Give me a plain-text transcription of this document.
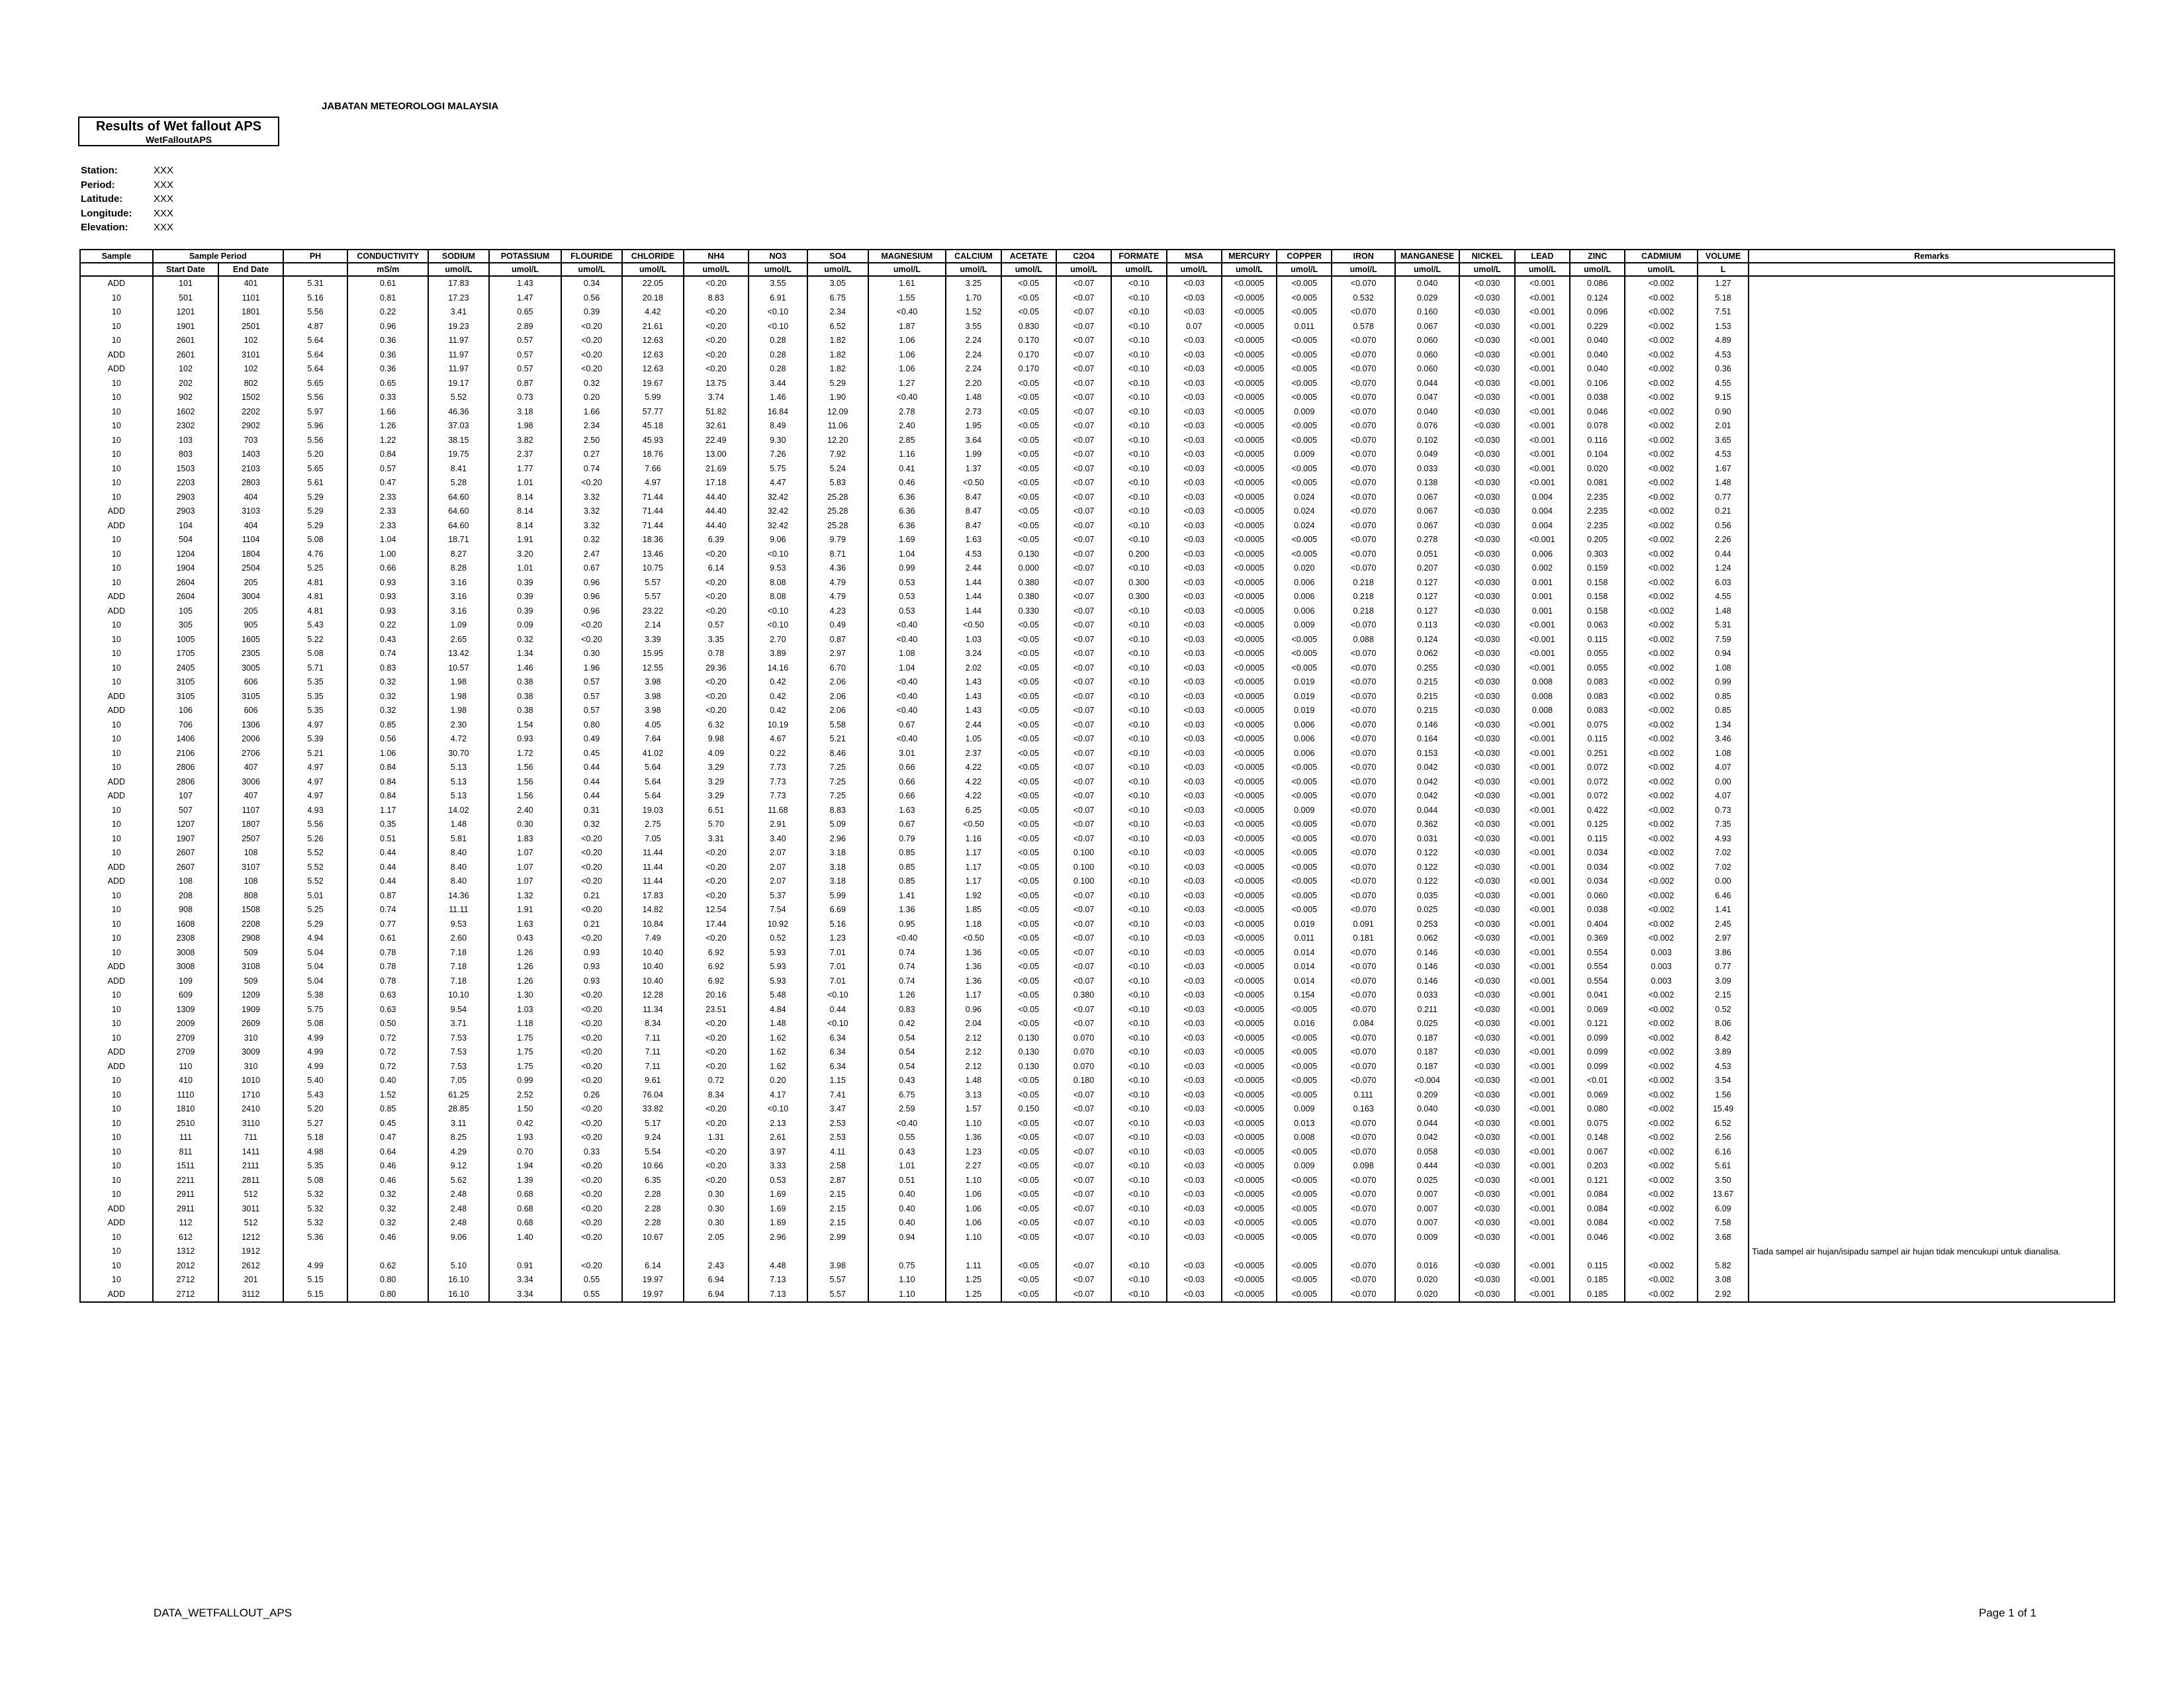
JABATAN METEOROLOGI MALAYSIA
Results of Wet fallout APS
WetFalloutAPS
Station:	XXX
Period:	XXX
Latitude:	XXX
Longitude: XXX
Elevation:	XXX
Sample	Sample Period		PH	CONDUCTIVITY	SODIUM	POTASSIUM	FLOURIDE	CHLORIDE	NH4	NO3	SO4	MAGNESIUM	CALCIUM	ACETATE	C2O4	FORMATE	MSA	MERCURY	COPPER	IRON	MANGANESE	NICKEL	LEAD	ZINC	CADMIUM	VOLUME	Remarks
	Start Date	End Date		mS/m	umol/L	umol/L	umol/L	umol/L	umol/L	umol/L	umol/L	umol/L	umol/L	umol/L	umol/L	umol/L	umol/L	umol/L	umol/L	umol/L	umol/L	umol/L	umol/L	umol/L	umol/L	L	
ADD	101	401	5.31	0.61	17.83	1.43	0.34	22.05	<0.20	3.55	3.05	1.61	3.25	<0.05	<0.07	<0.10	<0.03	<0.0005	<0.005	<0.070	0.040	<0.030	<0.001	0.086	<0.002	1.27	

10	501	1101	5.16	0.81	17.23	1.47	0.56	20.18	8.83	6.91	6.75	1.55	1.70	<0.05	<0.07	<0.10	<0.03	<0.0005	<0.005	0.532	0.029	<0.030	<0.001	0.124	<0.002	5.18	

10	1201	1801	5.56	0.22	3.41	0.65	0.39	4.42	<0.20	<0.10	2.34	<0.40	1.52	<0.05	<0.07	<0.10	<0.03	<0.0005	<0.005	<0.070	0.160	<0.030	<0.001	0.096	<0.002	7.51	

10	1901	2501	4.87	0.96	19.23	2.89	<0.20	21.61	<0.20	<0.10	6.52	1.87	3.55	0.830	<0.07	<0.10	0.07	<0.0005	0.011	0.578	0.067	<0.030	<0.001	0.229	<0.002	1.53	

10	2601	102	5.64	0.36	11.97	0.57	<0.20	12.63	<0.20	0.28	1.82	1.06	2.24	0.170	<0.07	<0.10	<0.03	<0.0005	<0.005	<0.070	0.060	<0.030	<0.001	0.040	<0.002	4.89	

ADD	2601	3101	5.64	0.36	11.97	0.57	<0.20	12.63	<0.20	0.28	1.82	1.06	2.24	0.170	<0.07	<0.10	<0.03	<0.0005	<0.005	<0.070	0.060	<0.030	<0.001	0.040	<0.002	4.53	

ADD	102	102	5.64	0.36	11.97	0.57	<0.20	12.63	<0.20	0.28	1.82	1.06	2.24	0.170	<0.07	<0.10	<0.03	<0.0005	<0.005	<0.070	0.060	<0.030	<0.001	0.040	<0.002	0.36	

10	202	802	5.65	0.65	19.17	0.87	0.32	19.67	13.75	3.44	5.29	1.27	2.20	<0.05	<0.07	<0.10	<0.03	<0.0005	<0.005	<0.070	0.044	<0.030	<0.001	0.106	<0.002	4.55	

10	902	1502	5.56	0.33	5.52	0.73	0.20	5.99	3.74	1.46	1.90	<0.40	1.48	<0.05	<0.07	<0.10	<0.03	<0.0005	<0.005	<0.070	0.047	<0.030	<0.001	0.038	<0.002	9.15	

10	1602	2202	5.97	1.66	46.36	3.18	1.66	57.77	51.82	16.84	12.09	2.78	2.73	<0.05	<0.07	<0.10	<0.03	<0.0005	0.009	<0.070	0.040	<0.030	<0.001	0.046	<0.002	0.90	

10	2302	2902	5.96	1.26	37.03	1.98	2.34	45.18	32.61	8.49	11.06	2.40	1.95	<0.05	<0.07	<0.10	<0.03	<0.0005	<0.005	<0.070	0.076	<0.030	<0.001	0.078	<0.002	2.01	

10	103	703	5.56	1.22	38.15	3.82	2.50	45.93	22.49	9.30	12.20	2.85	3.64	<0.05	<0.07	<0.10	<0.03	<0.0005	<0.005	<0.070	0.102	<0.030	<0.001	0.116	<0.002	3.65	

10	803	1403	5.20	0.84	19.75	2.37	0.27	18.76	13.00	7.26	7.92	1.16	1.99	<0.05	<0.07	<0.10	<0.03	<0.0005	0.009	<0.070	0.049	<0.030	<0.001	0.104	<0.002	4.53	

10	1503	2103	5.65	0.57	8.41	1.77	0.74	7.66	21.69	5.75	5.24	0.41	1.37	<0.05	<0.07	<0.10	<0.03	<0.0005	<0.005	<0.070	0.033	<0.030	<0.001	0.020	<0.002	1.67	

10	2203	2803	5.61	0.47	5.28	1.01	<0.20	4.97	17.18	4.47	5.83	0.46	<0.50	<0.05	<0.07	<0.10	<0.03	<0.0005	<0.005	<0.070	0.138	<0.030	<0.001	0.081	<0.002	1.48	

10	2903	404	5.29	2.33	64.60	8.14	3.32	71.44	44.40	32.42	25.28	6.36	8.47	<0.05	<0.07	<0.10	<0.03	<0.0005	0.024	<0.070	0.067	<0.030	0.004	2.235	<0.002	0.77	

ADD	2903	3103	5.29	2.33	64.60	8.14	3.32	71.44	44.40	32.42	25.28	6.36	8.47	<0.05	<0.07	<0.10	<0.03	<0.0005	0.024	<0.070	0.067	<0.030	0.004	2.235	<0.002	0.21	

ADD	104	404	5.29	2.33	64.60	8.14	3.32	71.44	44.40	32.42	25.28	6.36	8.47	<0.05	<0.07	<0.10	<0.03	<0.0005	0.024	<0.070	0.067	<0.030	0.004	2.235	<0.002	0.56	

10	504	1104	5.08	1.04	18.71	1.91	0.32	18.36	6.39	9.06	9.79	1.69	1.63	<0.05	<0.07	<0.10	<0.03	<0.0005	<0.005	<0.070	0.278	<0.030	<0.001	0.205	<0.002	2.26	

10	1204	1804	4.76	1.00	8.27	3.20	2.47	13.46	<0.20	<0.10	8.71	1.04	4.53	0.130	<0.07	0.200	<0.03	<0.0005	<0.005	<0.070	0.051	<0.030	0.006	0.303	<0.002	0.44	

10	1904	2504	5.25	0.66	8.28	1.01	0.67	10.75	6.14	9.53	4.36	0.99	2.44	0.000	<0.07	<0.10	<0.03	<0.0005	0.020	<0.070	0.207	<0.030	0.002	0.159	<0.002	1.24	

10	2604	205	4.81	0.93	3.16	0.39	0.96	5.57	<0.20	8.08	4.79	0.53	1.44	0.380	<0.07	0.300	<0.03	<0.0005	0.006	0.218	0.127	<0.030	0.001	0.158	<0.002	6.03	

ADD	2604	3004	4.81	0.93	3.16	0.39	0.96	5.57	<0.20	8.08	4.79	0.53	1.44	0.380	<0.07	0.300	<0.03	<0.0005	0.006	0.218	0.127	<0.030	0.001	0.158	<0.002	4.55	

ADD	105	205	4.81	0.93	3.16	0.39	0.96	23.22	<0.20	<0.10	4.23	0.53	1.44	0.330	<0.07	<0.10	<0.03	<0.0005	0.006	0.218	0.127	<0.030	0.001	0.158	<0.002	1.48	

10	305	905	5.43	0.22	1.09	0.09	<0.20	2.14	0.57	<0.10	0.49	<0.40	<0.50	<0.05	<0.07	<0.10	<0.03	<0.0005	0.009	<0.070	0.113	<0.030	<0.001	0.063	<0.002	5.31	

10	1005	1605	5.22	0.43	2.65	0.32	<0.20	3.39	3.35	2.70	0.87	<0.40	1.03	<0.05	<0.07	<0.10	<0.03	<0.0005	<0.005	0.088	0.124	<0.030	<0.001	0.115	<0.002	7.59	

10	1705	2305	5.08	0.74	13.42	1.34	0.30	15.95	0.78	3.89	2.97	1.08	3.24	<0.05	<0.07	<0.10	<0.03	<0.0005	<0.005	<0.070	0.062	<0.030	<0.001	0.055	<0.002	0.94	

10	2405	3005	5.71	0.83	10.57	1.46	1.96	12.55	29.36	14.16	6.70	1.04	2.02	<0.05	<0.07	<0.10	<0.03	<0.0005	<0.005	<0.070	0.255	<0.030	<0.001	0.055	<0.002	1.08	

10	3105	606	5.35	0.32	1.98	0.38	0.57	3.98	<0.20	0.42	2.06	<0.40	1.43	<0.05	<0.07	<0.10	<0.03	<0.0005	0.019	<0.070	0.215	<0.030	0.008	0.083	<0.002	0.99	

ADD	3105	3105	5.35	0.32	1.98	0.38	0.57	3.98	<0.20	0.42	2.06	<0.40	1.43	<0.05	<0.07	<0.10	<0.03	<0.0005	0.019	<0.070	0.215	<0.030	0.008	0.083	<0.002	0.85	

ADD	106	606	5.35	0.32	1.98	0.38	0.57	3.98	<0.20	0.42	2.06	<0.40	1.43	<0.05	<0.07	<0.10	<0.03	<0.0005	0.019	<0.070	0.215	<0.030	0.008	0.083	<0.002	0.85	

10	706	1306	4.97	0.85	2.30	1.54	0.80	4.05	6.32	10.19	5.58	0.67	2.44	<0.05	<0.07	<0.10	<0.03	<0.0005	0.006	<0.070	0.146	<0.030	<0.001	0.075	<0.002	1.34	

10	1406	2006	5.39	0.56	4.72	0.93	0.49	7.64	9.98	4.67	5.21	<0.40	1.05	<0.05	<0.07	<0.10	<0.03	<0.0005	0.006	<0.070	0.164	<0.030	<0.001	0.115	<0.002	3.46	

10	2106	2706	5.21	1.06	30.70	1.72	0.45	41.02	4.09	0.22	8.46	3.01	2.37	<0.05	<0.07	<0.10	<0.03	<0.0005	0.006	<0.070	0.153	<0.030	<0.001	0.251	<0.002	1.08	

10	2806	407	4.97	0.84	5.13	1.56	0.44	5.64	3.29	7.73	7.25	0.66	4.22	<0.05	<0.07	<0.10	<0.03	<0.0005	<0.005	<0.070	0.042	<0.030	<0.001	0.072	<0.002	4.07	

ADD	2806	3006	4.97	0.84	5.13	1.56	0.44	5.64	3.29	7.73	7.25	0.66	4.22	<0.05	<0.07	<0.10	<0.03	<0.0005	<0.005	<0.070	0.042	<0.030	<0.001	0.072	<0.002	0.00	

ADD	107	407	4.97	0.84	5.13	1.56	0.44	5.64	3.29	7.73	7.25	0.66	4.22	<0.05	<0.07	<0.10	<0.03	<0.0005	<0.005	<0.070	0.042	<0.030	<0.001	0.072	<0.002	4.07	

10	507	1107	4.93	1.17	14.02	2.40	0.31	19.03	6.51	11.68	8.83	1.63	6.25	<0.05	<0.07	<0.10	<0.03	<0.0005	0.009	<0.070	0.044	<0.030	<0.001	0.422	<0.002	0.73	

10	1207	1807	5.56	0.35	1.48	0.30	0.32	2.75	5.70	2.91	5.09	0.67	<0.50	<0.05	<0.07	<0.10	<0.03	<0.0005	<0.005	<0.070	0.362	<0.030	<0.001	0.125	<0.002	7.35	

10	1907	2507	5.26	0.51	5.81	1.83	<0.20	7.05	3.31	3.40	2.96	0.79	1.16	<0.05	<0.07	<0.10	<0.03	<0.0005	<0.005	<0.070	0.031	<0.030	<0.001	0.115	<0.002	4.93	

10	2607	108	5.52	0.44	8.40	1.07	<0.20	11.44	<0.20	2.07	3.18	0.85	1.17	<0.05	0.100	<0.10	<0.03	<0.0005	<0.005	<0.070	0.122	<0.030	<0.001	0.034	<0.002	7.02	

ADD	2607	3107	5.52	0.44	8.40	1.07	<0.20	11.44	<0.20	2.07	3.18	0.85	1.17	<0.05	0.100	<0.10	<0.03	<0.0005	<0.005	<0.070	0.122	<0.030	<0.001	0.034	<0.002	7.02	

ADD	108	108	5.52	0.44	8.40	1.07	<0.20	11.44	<0.20	2.07	3.18	0.85	1.17	<0.05	0.100	<0.10	<0.03	<0.0005	<0.005	<0.070	0.122	<0.030	<0.001	0.034	<0.002	0.00	

10	208	808	5.01	0.87	14.36	1.32	0.21	17.83	<0.20	5.37	5.99	1.41	1.92	<0.05	<0.07	<0.10	<0.03	<0.0005	<0.005	<0.070	0.035	<0.030	<0.001	0.060	<0.002	6.46	

10	908	1508	5.25	0.74	11.11	1.91	<0.20	14.82	12.54	7.54	6.69	1.36	1.85	<0.05	<0.07	<0.10	<0.03	<0.0005	<0.005	<0.070	0.025	<0.030	<0.001	0.038	<0.002	1.41	

10	1608	2208	5.29	0.77	9.53	1.63	0.21	10.84	17.44	10.92	5.16	0.95	1.18	<0.05	<0.07	<0.10	<0.03	<0.0005	0.019	0.091	0.253	<0.030	<0.001	0.404	<0.002	2.45	

10	2308	2908	4.94	0.61	2.60	0.43	<0.20	7.49	<0.20	0.52	1.23	<0.40	<0.50	<0.05	<0.07	<0.10	<0.03	<0.0005	0.011	0.181	0.062	<0.030	<0.001	0.369	<0.002	2.97	

10	3008	509	5.04	0.78	7.18	1.26	0.93	10.40	6.92	5.93	7.01	0.74	1.36	<0.05	<0.07	<0.10	<0.03	<0.0005	0.014	<0.070	0.146	<0.030	<0.001	0.554	0.003	3.86	

ADD	3008	3108	5.04	0.78	7.18	1.26	0.93	10.40	6.92	5.93	7.01	0.74	1.36	<0.05	<0.07	<0.10	<0.03	<0.0005	0.014	<0.070	0.146	<0.030	<0.001	0.554	0.003	0.77	

ADD	109	509	5.04	0.78	7.18	1.26	0.93	10.40	6.92	5.93	7.01	0.74	1.36	<0.05	<0.07	<0.10	<0.03	<0.0005	0.014	<0.070	0.146	<0.030	<0.001	0.554	0.003	3.09	

10	609	1209	5.38	0.63	10.10	1.30	<0.20	12.28	20.16	5.48	<0.10	1.26	1.17	<0.05	0.380	<0.10	<0.03	<0.0005	0.154	<0.070	0.033	<0.030	<0.001	0.041	<0.002	2.15	

10	1309	1909	5.75	0.63	9.54	1.03	<0.20	11.34	23.51	4.84	0.44	0.83	0.96	<0.05	<0.07	<0.10	<0.03	<0.0005	<0.005	<0.070	0.211	<0.030	<0.001	0.069	<0.002	0.52	

10	2009	2609	5.08	0.50	3.71	1.18	<0.20	8.34	<0.20	1.48	<0.10	0.42	2.04	<0.05	<0.07	<0.10	<0.03	<0.0005	0.016	0.084	0.025	<0.030	<0.001	0.121	<0.002	8.06	

10	2709	310	4.99	0.72	7.53	1.75	<0.20	7.11	<0.20	1.62	6.34	0.54	2.12	0.130	0.070	<0.10	<0.03	<0.0005	<0.005	<0.070	0.187	<0.030	<0.001	0.099	<0.002	8.42	

ADD	2709	3009	4.99	0.72	7.53	1.75	<0.20	7.11	<0.20	1.62	6.34	0.54	2.12	0.130	0.070	<0.10	<0.03	<0.0005	<0.005	<0.070	0.187	<0.030	<0.001	0.099	<0.002	3.89	

ADD	110	310	4.99	0.72	7.53	1.75	<0.20	7.11	<0.20	1.62	6.34	0.54	2.12	0.130	0.070	<0.10	<0.03	<0.0005	<0.005	<0.070	0.187	<0.030	<0.001	0.099	<0.002	4.53	

10	410	1010	5.40	0.40	7.05	0.99	<0.20	9.61	0.72	0.20	1.15	0.43	1.48	<0.05	0.180	<0.10	<0.03	<0.0005	<0.005	<0.070	<0.004	<0.030	<0.001	<0.01	<0.002	3.54	

10	1110	1710	5.43	1.52	61.25	2.52	0.26	76.04	8.34	4.17	7.41	6.75	3.13	<0.05	<0.07	<0.10	<0.03	<0.0005	<0.005	0.111	0.209	<0.030	<0.001	0.069	<0.002	1.56	

10	1810	2410	5.20	0.85	28.85	1.50	<0.20	33.82	<0.20	<0.10	3.47	2.59	1.57	0.150	<0.07	<0.10	<0.03	<0.0005	0.009	0.163	0.040	<0.030	<0.001	0.080	<0.002	15.49	

10	2510	3110	5.27	0.45	3.11	0.42	<0.20	5.17	<0.20	2.13	2.53	<0.40	1.10	<0.05	<0.07	<0.10	<0.03	<0.0005	0.013	<0.070	0.044	<0.030	<0.001	0.075	<0.002	6.52	

10	111	711	5.18	0.47	8.25	1.93	<0.20	9.24	1.31	2.61	2.53	0.55	1.36	<0.05	<0.07	<0.10	<0.03	<0.0005	0.008	<0.070	0.042	<0.030	<0.001	0.148	<0.002	2.56	

10	811	1411	4.98	0.64	4.29	0.70	0.33	5.54	<0.20	3.97	4.11	0.43	1.23	<0.05	<0.07	<0.10	<0.03	<0.0005	<0.005	<0.070	0.058	<0.030	<0.001	0.067	<0.002	6.16	

10	1511	2111	5.35	0.46	9.12	1.94	<0.20	10.66	<0.20	3.33	2.58	1.01	2.27	<0.05	<0.07	<0.10	<0.03	<0.0005	0.009	0.098	0.444	<0.030	<0.001	0.203	<0.002	5.61	

10	2211	2811	5.08	0.46	5.62	1.39	<0.20	6.35	<0.20	0.53	2.87	0.51	1.10	<0.05	<0.07	<0.10	<0.03	<0.0005	<0.005	<0.070	0.025	<0.030	<0.001	0.121	<0.002	3.50	

10	2911	512	5.32	0.32	2.48	0.68	<0.20	2.28	0.30	1.69	2.15	0.40	1.06	<0.05	<0.07	<0.10	<0.03	<0.0005	<0.005	<0.070	0.007	<0.030	<0.001	0.084	<0.002	13.67	

ADD	2911	3011	5.32	0.32	2.48	0.68	<0.20	2.28	0.30	1.69	2.15	0.40	1.06	<0.05	<0.07	<0.10	<0.03	<0.0005	<0.005	<0.070	0.007	<0.030	<0.001	0.084	<0.002	6.09	

ADD	112	512	5.32	0.32	2.48	0.68	<0.20	2.28	0.30	1.69	2.15	0.40	1.06	<0.05	<0.07	<0.10	<0.03	<0.0005	<0.005	<0.070	0.007	<0.030	<0.001	0.084	<0.002	7.58	

10	612	1212	5.36	0.46	9.06	1.40	<0.20	10.67	2.05	2.96	2.99	0.94	1.10	<0.05	<0.07	<0.10	<0.03	<0.0005	<0.005	<0.070	0.009	<0.030	<0.001	0.046	<0.002	3.68	

10	1312	1912																									Tiada sampel air hujan/isipadu sampel air hujan tidak mencukupi untuk dianalisa.

10	2012	2612	4.99	0.62	5.10	0.91	<0.20	6.14	2.43	4.48	3.98	0.75	1.11	<0.05	<0.07	<0.10	<0.03	<0.0005	<0.005	<0.070	0.016	<0.030	<0.001	0.115	<0.002	5.82	

10	2712	201	5.15	0.80	16.10	3.34	0.55	19.97	6.94	7.13	5.57	1.10	1.25	<0.05	<0.07	<0.10	<0.03	<0.0005	<0.005	<0.070	0.020	<0.030	<0.001	0.185	<0.002	3.08	

ADD	2712	3112	5.15	0.80	16.10	3.34	0.55	19.97	6.94	7.13	5.57	1.10	1.25	<0.05	<0.07	<0.10	<0.03	<0.0005	<0.005	<0.070	0.020	<0.030	<0.001	0.185	<0.002	2.92	
DATA_WETFALLOUT_APS	Page 1 of 1
